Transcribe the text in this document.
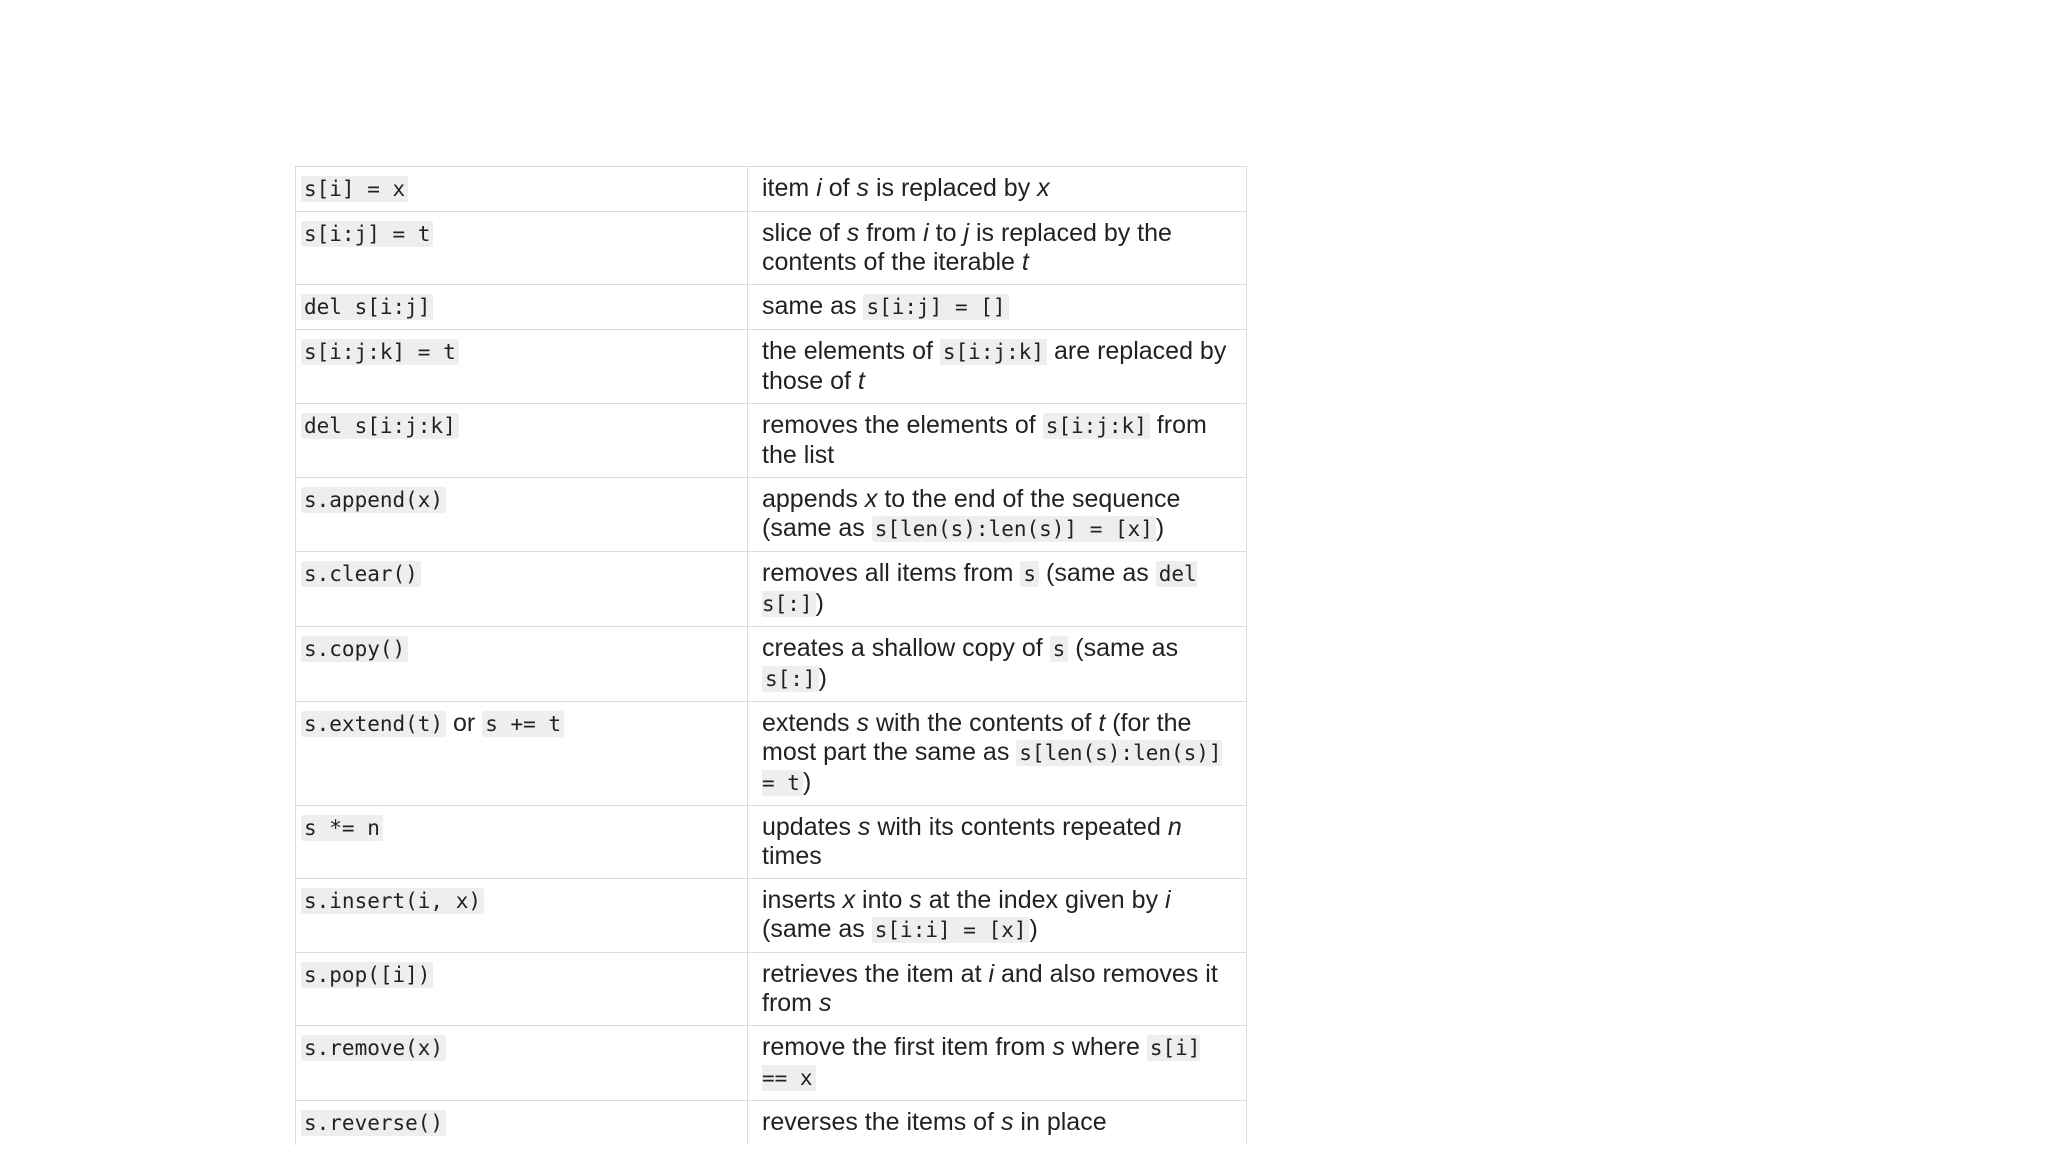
s[i] = x	item i of s is replaced by x
s[i:j] = t	slice of s from i to j is replaced by the contents of the iterable t
del s[i:j]	same as s[i:j] = []
s[i:j:k] = t	the elements of s[i:j:k] are replaced by those of t
del s[i:j:k]	removes the elements of s[i:j:k] from the list
s.append(x)	appends x to the end of the sequence (same as s[len(s):len(s)] = [x] )
s.clear()	removes all items from s (same as del s[:] )
s.copy()	creates a shallow copy of s (same as s[:] )
s.extend(t) or s += t	extends s with the contents of t (for the most part the same as s[len(s):len(s)] = t )
s *= n	updates s with its contents repeated n times
s.insert(i, x)	inserts x into s at the index given by i (same as s[i:i] = [x] )
s.pop([i])	retrieves the item at i and also removes it from s
s.remove(x)	remove the first item from s where s[i] == x
s.reverse()	reverses the items of s in place
